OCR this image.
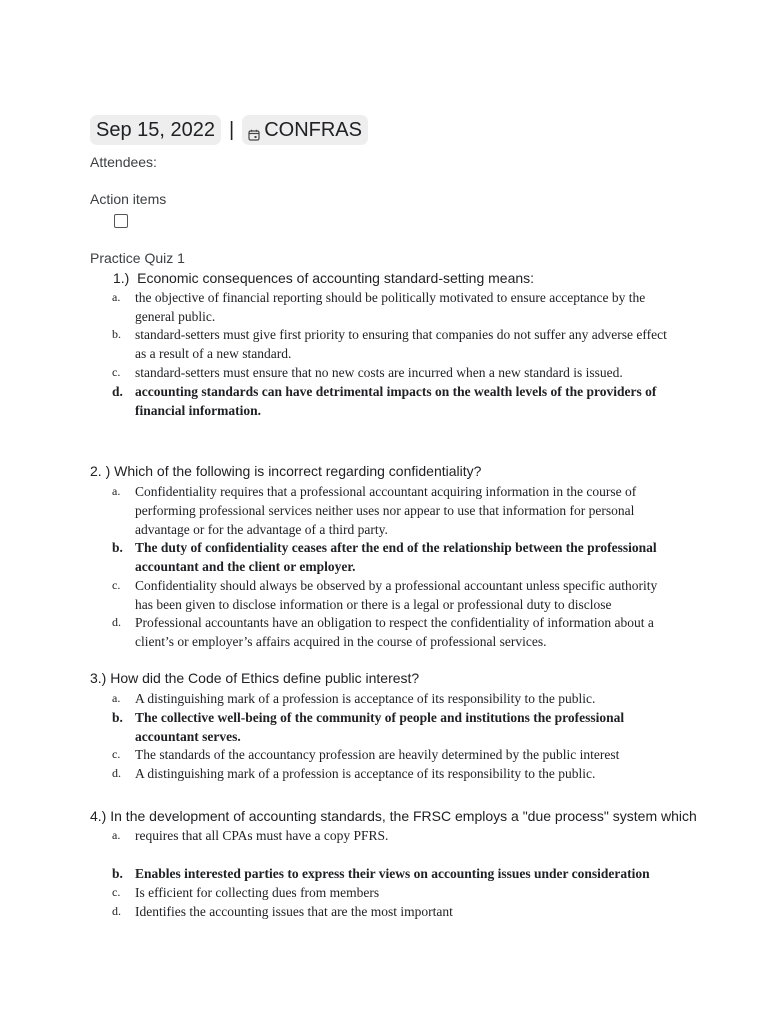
Sep 15, 2022 | CONFRAS
Attendees:
Action items
Practice Quiz 1
1.) Economic consequences of accounting standard-setting means:
a.	the objective of financial reporting should be politically motivated to ensure acceptance by the general public.
b.	standard-setters must give first priority to ensuring that companies do not suffer any adverse effect as a result of a new standard.
c.	standard-setters must ensure that no new costs are incurred when a new standard is issued.
d. accounting standards can have detrimental impacts on the wealth levels of the providers of financial information.
2. ) Which of the following is incorrect regarding confidentiality?
a.	Confidentiality requires that a professional accountant acquiring information in the course of performing professional services neither uses nor appear to use that information for personal advantage or for the advantage of a third party.
b. The duty of confidentiality ceases after the end of the relationship between the professional accountant and the client or employer.
c.	Confidentiality should always be observed by a professional accountant unless specific authority has been given to disclose information or there is a legal or professional duty to disclose
d.	Professional accountants have an obligation to respect the confidentiality of information about a client’s or employer’s affairs acquired in the course of professional services.
3.) How did the Code of Ethics define public interest?
a.	A distinguishing mark of a profession is acceptance of its responsibility to the public.
b. The collective well-being of the community of people and institutions the professional accountant serves.
c.	The standards of the accountancy profession are heavily determined by the public interest
d.	A distinguishing mark of a profession is acceptance of its responsibility to the public.
4.) In the development of accounting standards, the FRSC employs a "due process" system which
a.	requires that all CPAs must have a copy PFRS.
b. Enables interested parties to express their views on accounting issues under consideration
c.	Is efficient for collecting dues from members
d.	Identifies the accounting issues that are the most important
